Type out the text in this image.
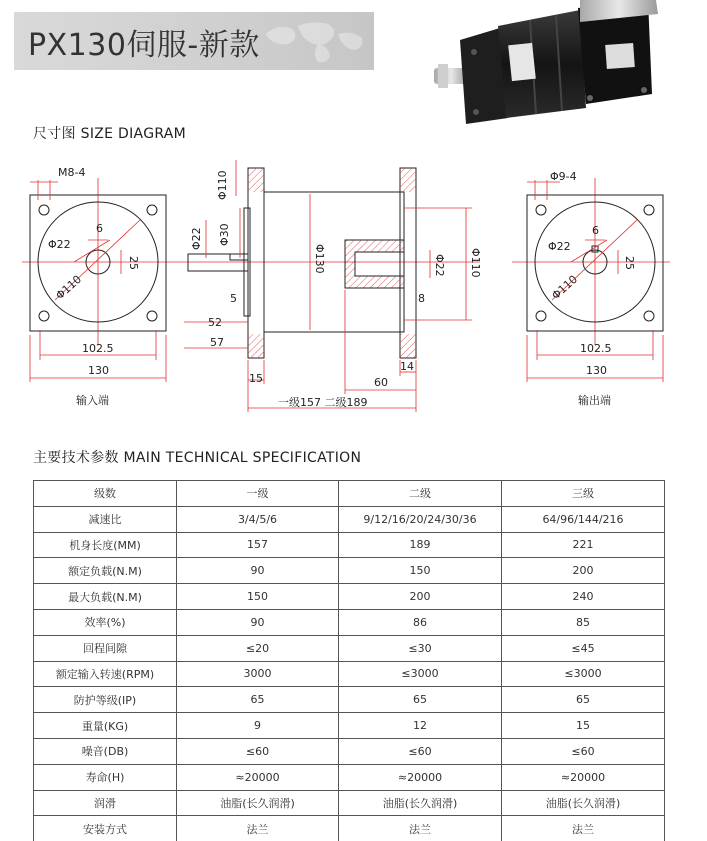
PX130伺服-新款
尺寸图 SIZE DIAGRAM
M8-4
6
Φ22
25
Φ110
102.5
130
输入端
Φ110
Φ22 Φ30
Φ130
5
52
57
15
Φ22 Φ110
8
60
14
一级157 二级189
Φ9-4
6
Φ22
25
Φ110
102.5
130
输出端
主要技术参数 MAIN TECHNICAL SPECIFICATION
级数	一级	二级	三级
减速比	3/4/5/6	9/12/16/20/24/30/36	64/96/144/216
机身长度(MM)	157	189	221
额定负载(N.M)	90	150	200
最大负载(N.M)	150	200	240
效率(%)	90	86	85
回程间隙	≤20	≤30	≤45
额定输入转速(RPM)	3000	≤3000	≤3000
防护等级(IP)	65	65	65
重量(KG)	9	12	15
噪音(DB)	≤60	≤60	≤60
寿命(H)	≈20000	≈20000	≈20000
润滑	油脂(长久润滑)	油脂(长久润滑)	油脂(长久润滑)
安装方式	法兰	法兰	法兰
